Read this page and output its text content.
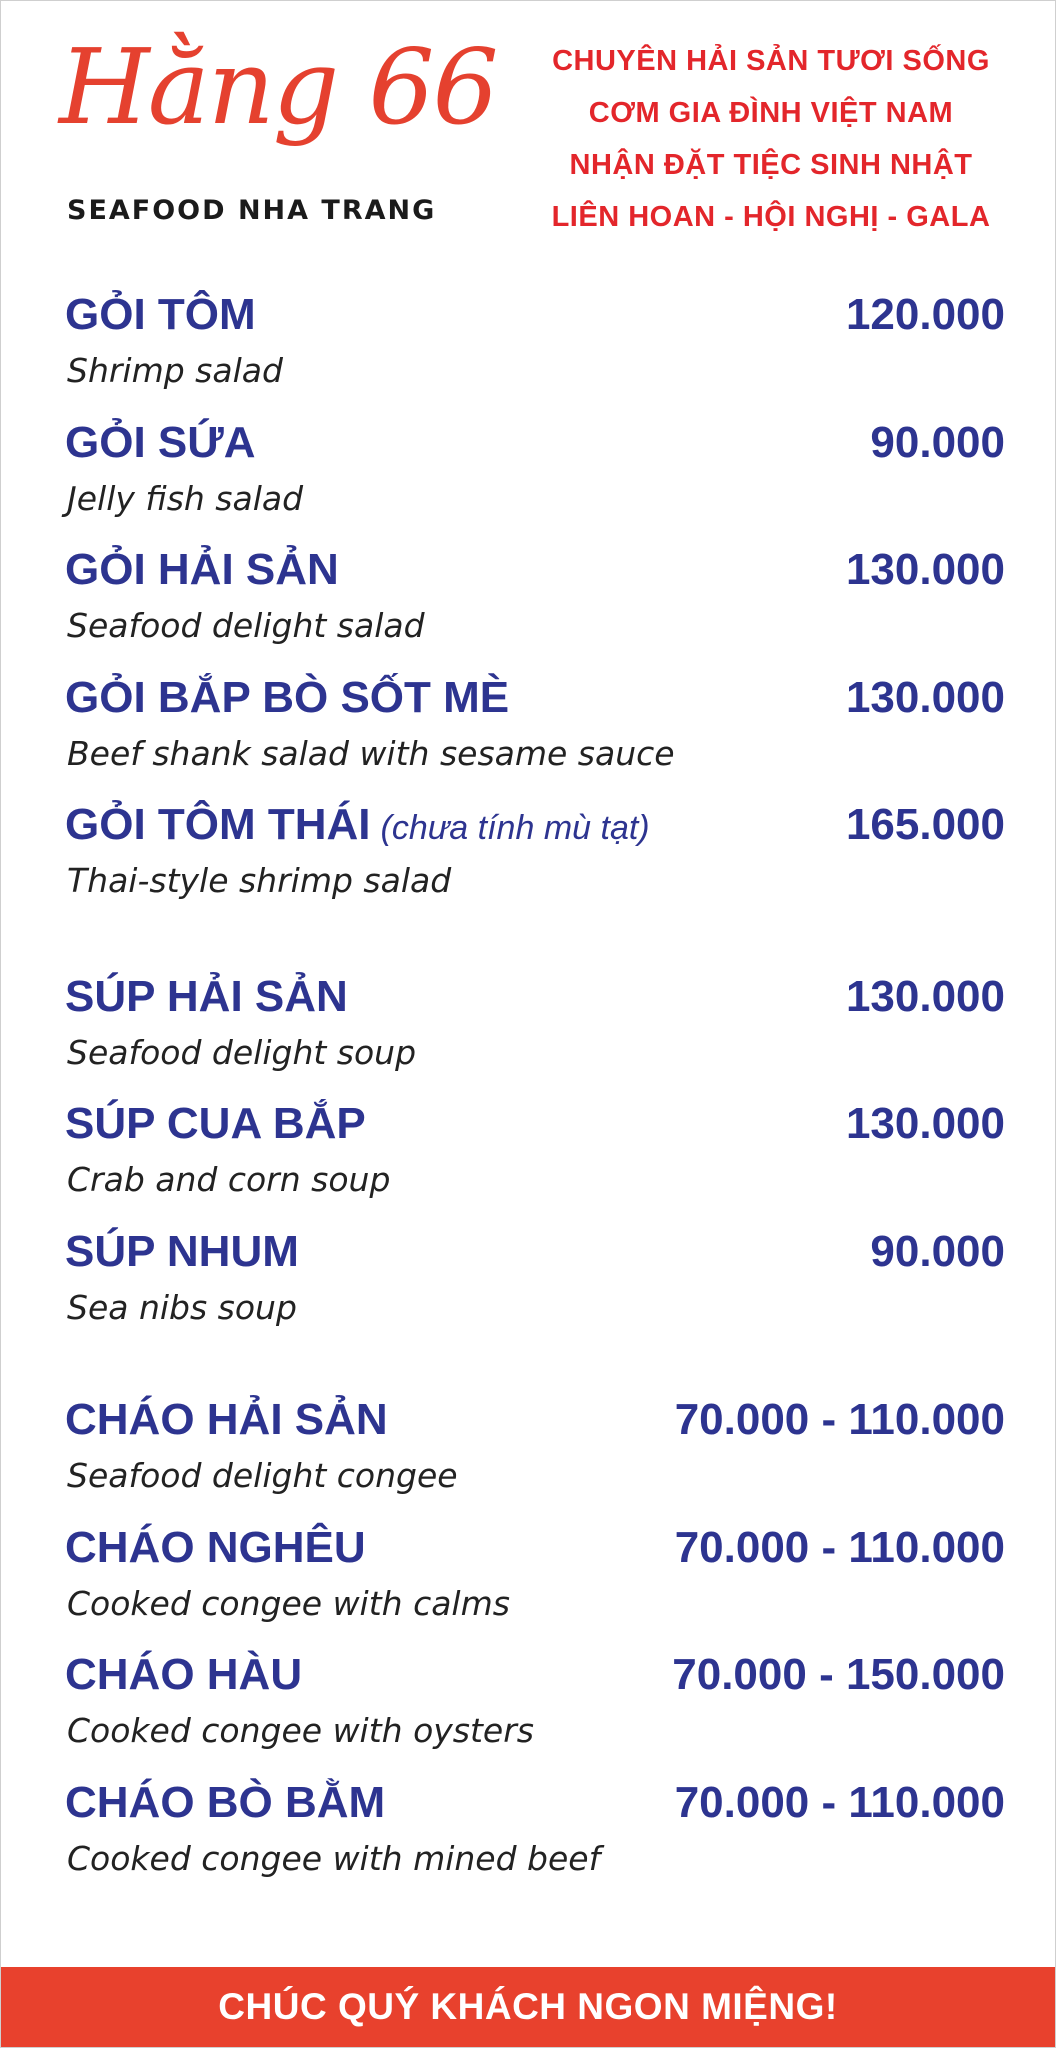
Hằng 66
SEAFOOD NHA TRANG
CHUYÊN HẢI SẢN TƯƠI SỐNG
CƠM GIA ĐÌNH VIỆT NAM
NHẬN ĐẶT TIỆC SINH NHẬT
LIÊN HOAN - HỘI NGHỊ - GALA
GỎI TÔM	120.000
Shrimp salad
GỎI SỨA	90.000
Jelly fish salad
GỎI HẢI SẢN	130.000
Seafood delight salad
GỎI BẮP BÒ SỐT MÈ	130.000
Beef shank salad with sesame sauce
GỎI TÔM THÁI (chưa tính mù tạt)	165.000
Thai-style shrimp salad
SÚP HẢI SẢN	130.000
Seafood delight soup
SÚP CUA BẮP	130.000
Crab and corn soup
SÚP NHUM	90.000
Sea nibs soup
CHÁO HẢI SẢN	70.000 - 110.000
Seafood delight congee
CHÁO NGHÊU	70.000 - 110.000
Cooked congee with calms
CHÁO HÀU	70.000 - 150.000
Cooked congee with oysters
CHÁO BÒ BẰM	70.000 - 110.000
Cooked congee with mined beef
CHÚC QUÝ KHÁCH NGON MIỆNG!
